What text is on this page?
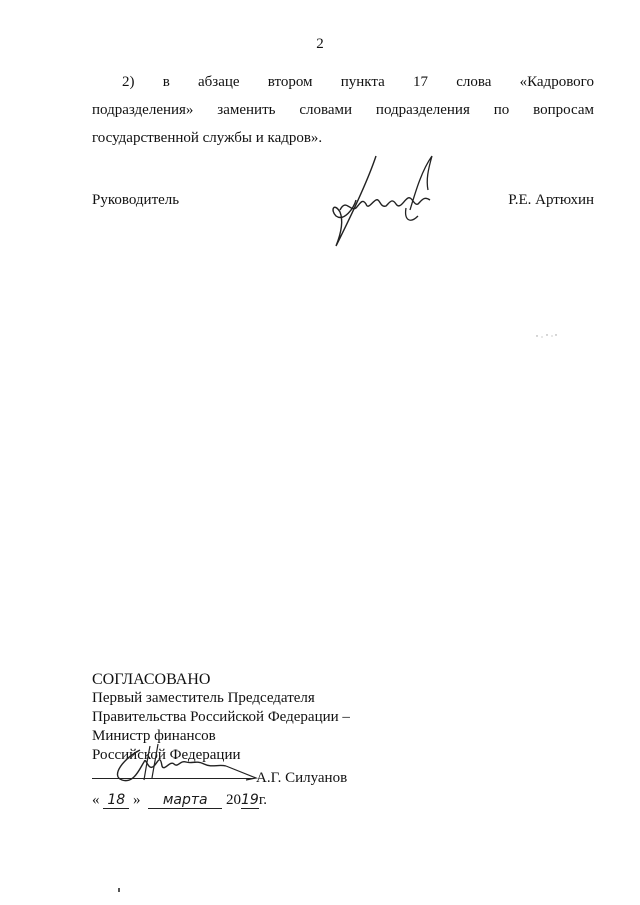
2
2) в абзаце втором пункта 17 слова «Кадрового
подразделения» заменить словами подразделения по вопросам
государственной службы и кадров».
Руководитель	Р.Е. Артюхин
СОГЛАСОВАНО
Первый заместитель Председателя
Правительства Российской Федерации –
Министр финансов
Российской Федерации
А.Г. Силуанов
« 18 » марта 2019г.
